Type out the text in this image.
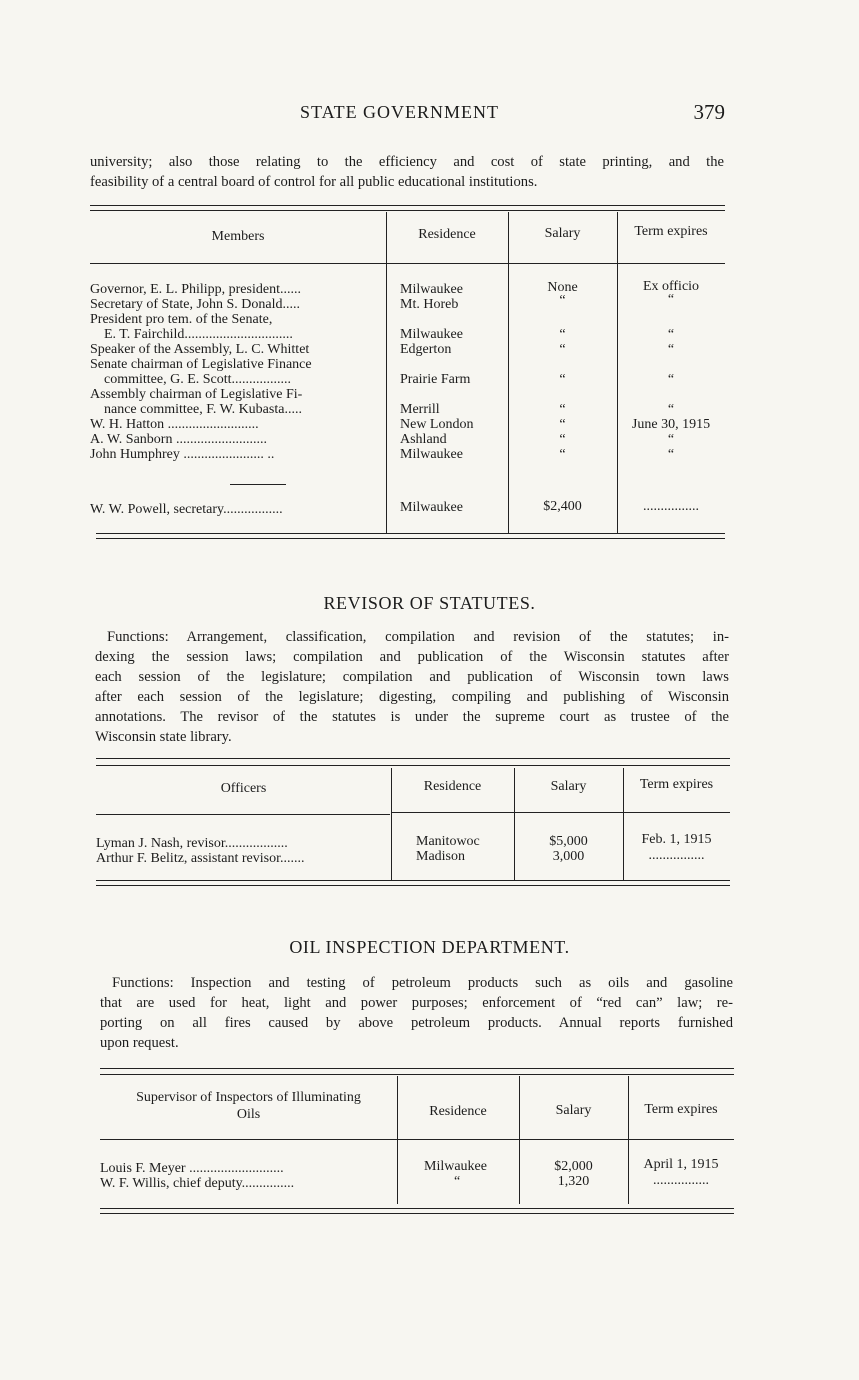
STATE GOVERNMENT	379
university; also those relating to the efficiency and cost of state printing, and the
feasibility of a central board of control for all public educational institutions.
Members	Residence	Salary	Term expires
Governor, E. L. Philipp, president......	Milwaukee	None	Ex officio
Secretary of State, John S. Donald.....	Mt. Horeb	“	“
President pro tem. of the Senate,
E. T. Fairchild...............................	Milwaukee	“	“
Speaker of the Assembly, L. C. Whittet	Edgerton	“	“
Senate chairman of Legislative Finance
committee, G. E. Scott.................	Prairie Farm	“	“
Assembly chairman of Legislative Fi-
nance committee, F. W. Kubasta.....	Merrill	“	“
W. H. Hatton ..........................	New London	“	June 30, 1915
A. W. Sanborn ..........................	Ashland	“	“
John Humphrey ....................... ..	Milwaukee	“	“
W. W. Powell, secretary.................	Milwaukee	$2,400	................
REVISOR OF STATUTES.
Functions: Arrangement, classification, compilation and revision of the statutes; in-
dexing the session laws; compilation and publication of the Wisconsin statutes after
each session of the legislature; compilation and publication of Wisconsin town laws
after each session of the legislature; digesting, compiling and publishing of Wisconsin
annotations. The revisor of the statutes is under the supreme court as trustee of the
Wisconsin state library.
Officers	Residence	Salary	Term expires
Lyman J. Nash, revisor..................	Manitowoc	$5,000	Feb. 1, 1915
Arthur F. Belitz, assistant revisor.......	Madison	3,000	................
OIL INSPECTION DEPARTMENT.
Functions: Inspection and testing of petroleum products such as oils and gasoline
that are used for heat, light and power purposes; enforcement of “red can” law; re-
porting on all fires caused by above petroleum products. Annual reports furnished
upon request.
Supervisor of Inspectors of Illuminating
Oils	Residence	Salary	Term expires
Louis F. Meyer ...........................	Milwaukee	$2,000	April 1, 1915
W. F. Willis, chief deputy...............	“	1,320	................
